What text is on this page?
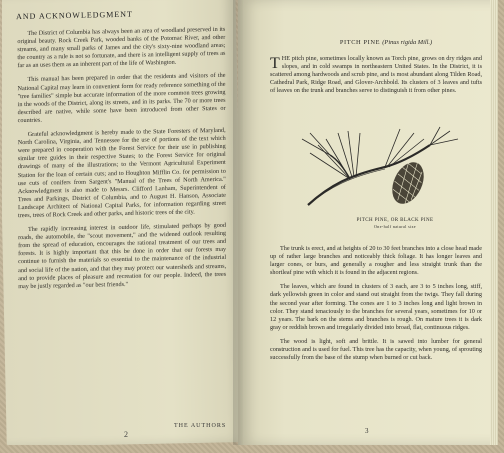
AND ACKNOWLEDGMENT

The District of Columbia has always been an area of woodland preserved in its original beauty. Rock Creek Park, wooded banks of the Potomac River, and other streams, and many small parks of James and the city's sixty-nine woodland areas; the country as a rule is not so fortunate, and there is an intelligent supply of trees as far as an uses them as an inherent part of the life of Washington.

This manual has been prepared in order that the residents and visitors of the National Capital may learn in convenient form for ready reference something of the "tree families" simple but accurate information of the more common trees growing in the woods of the District, along its streets, and in its parks. The 70 or more trees described are native, while some have been introduced from other States or countries.

Grateful acknowledgment is hereby made to the State Foresters of Maryland, North Carolina, Virginia, and Tennessee for the use of portions of the text which were prepared in cooperation with the Forest Service for their use in publishing similar tree guides in their respective States; to the Forest Service for original drawings of many of the illustrations; to the Vermont Agricultural Experiment Station for the loan of certain cuts; and to Houghton Mifflin Co. for permission to use cuts of conifers from Sargent's "Manual of the Trees of North America." Acknowledgment is also made to Messrs. Clifford Lanham, Superintendent of Trees and Parkings, District of Columbia, and to August H. Hanson, Associate Landscape Architect of National Capital Parks, for information regarding street trees, trees of Rock Creek and other parks, and historic trees of the city.

The rapidly increasing interest in outdoor life, stimulated perhaps by good roads, the automobile, the "scout movement," and the widened outlook resulting from the spread of education, encourages the rational treatment of our trees and forests. It is highly important that this be done in order that our forests may continue to furnish the materials so essential to the maintenance of the industrial and social life of the nation, and that they may protect our watersheds and streams, and to provide places of pleasure and recreation for our people. Indeed, the trees may be justly regarded as "our best friends."

2
THE AUTHORS
PITCH PINE (Pinus rigida Mill.)
THE pitch pine, sometimes locally known as Torch pine, grows on dry ridges and slopes, and in cold swamps in northeastern United States. In the District, it is scattered among hardwoods and scrub pine, and is most abundant along Tilden Road, Cathedral Park, Ridge Road, and Glover-Archbold. Its clusters of 3 leaves and tufts of leaves on the trunk and branches serve to distinguish it from other pines.
PITCH PINE, OR BLACK PINE
One-half natural size

The trunk is erect, and at heights of 20 to 30 feet branches into a close head made up of rather large branches and noticeably thick foliage. It has longer leaves and larger cones, or burs, and generally a rougher and less straight trunk than the shortleaf pine with which it is found in the adjacent regions.

The leaves, which are found in clusters of 3 each, are 3 to 5 inches long, stiff, dark yellowish green in color and stand out straight from the twigs. They fall during the second year after forming. The cones are 1 to 3 inches long and light brown in color. They stand tenaciously to the branches for several years, sometimes for 10 or 12 years. The bark on the stems and branches is rough. On mature trees it is dark gray or reddish brown and irregularly divided into broad, flat, continuous ridges.

The wood is light, soft and brittle. It is sawed into lumber for general construction and is used for fuel. This tree has the capacity, when young, of sprouting successfully from the base of the stump when burned or cut back.

3
